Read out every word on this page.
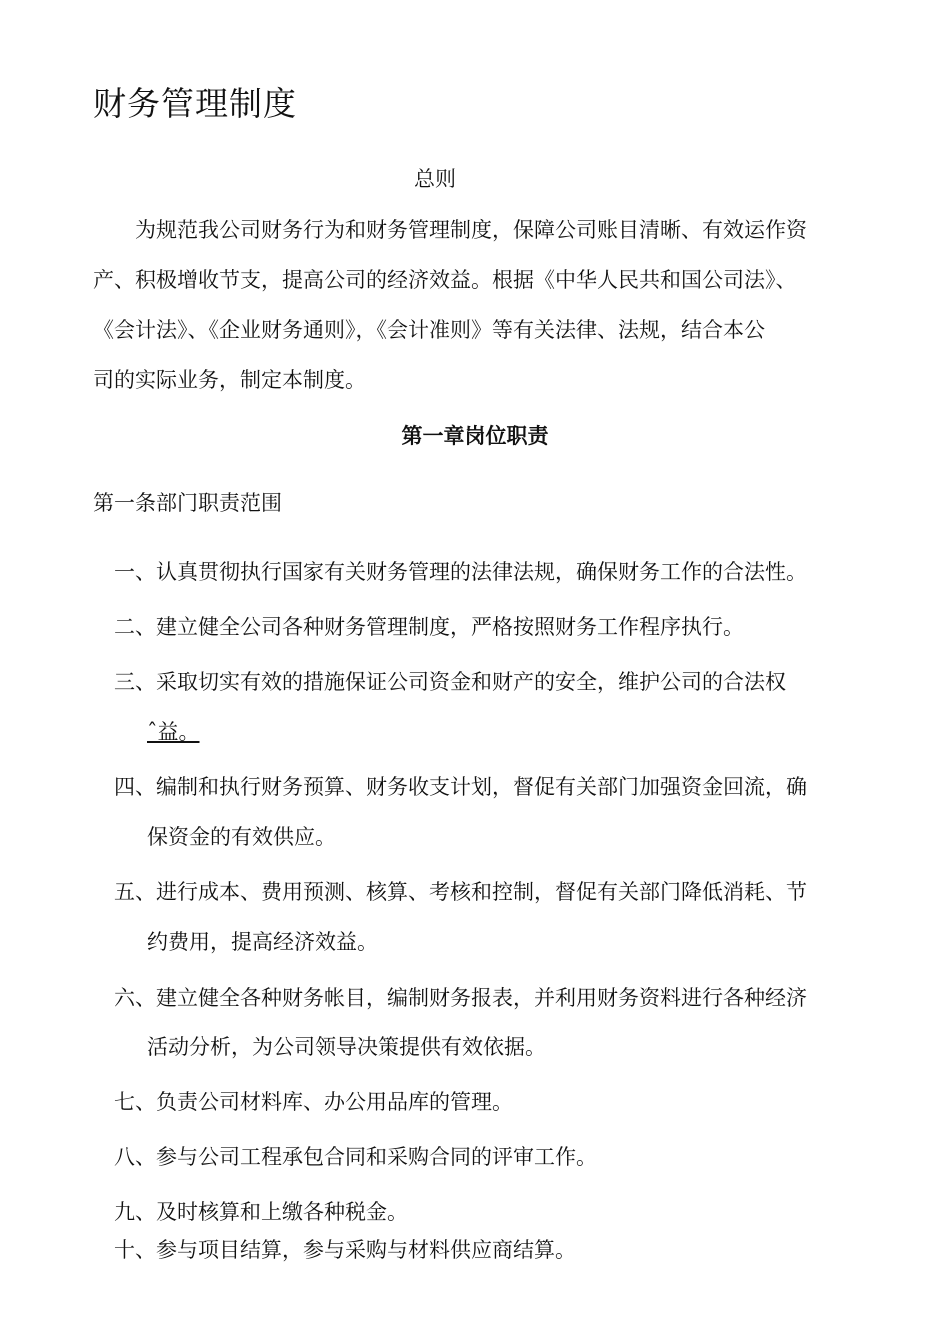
财务管理制度
总则
为规范我公司财务行为和财务管理制度，保障公司账目清晰、有效运作资
产、积极增收节支，提高公司的经济效益。根据《中华人民共和国公司法》、
《会计法》、《企业财务通则》，《会计准则》等有关法律、法规，结合本公
司的实际业务，制定本制度。
第一章岗位职责
第一条部门职责范围
一、认真贯彻执行国家有关财务管理的法律法规，确保财务工作的合法性。
二、建立健全公司各种财务管理制度，严格按照财务工作程序执行。
三、采取切实有效的措施保证公司资金和财产的安全，维护公司的合法权
ˆ益。
四、编制和执行财务预算、财务收支计划，督促有关部门加强资金回流，确
保资金的有效供应。
五、进行成本、费用预测、核算、考核和控制，督促有关部门降低消耗、节
约费用，提高经济效益。
六、建立健全各种财务帐目，编制财务报表，并利用财务资料进行各种经济
活动分析，为公司领导决策提供有效依据。
七、负责公司材料库、办公用品库的管理。
八、参与公司工程承包合同和采购合同的评审工作。
九、及时核算和上缴各种税金。
十、参与项目结算，参与采购与材料供应商结算。
